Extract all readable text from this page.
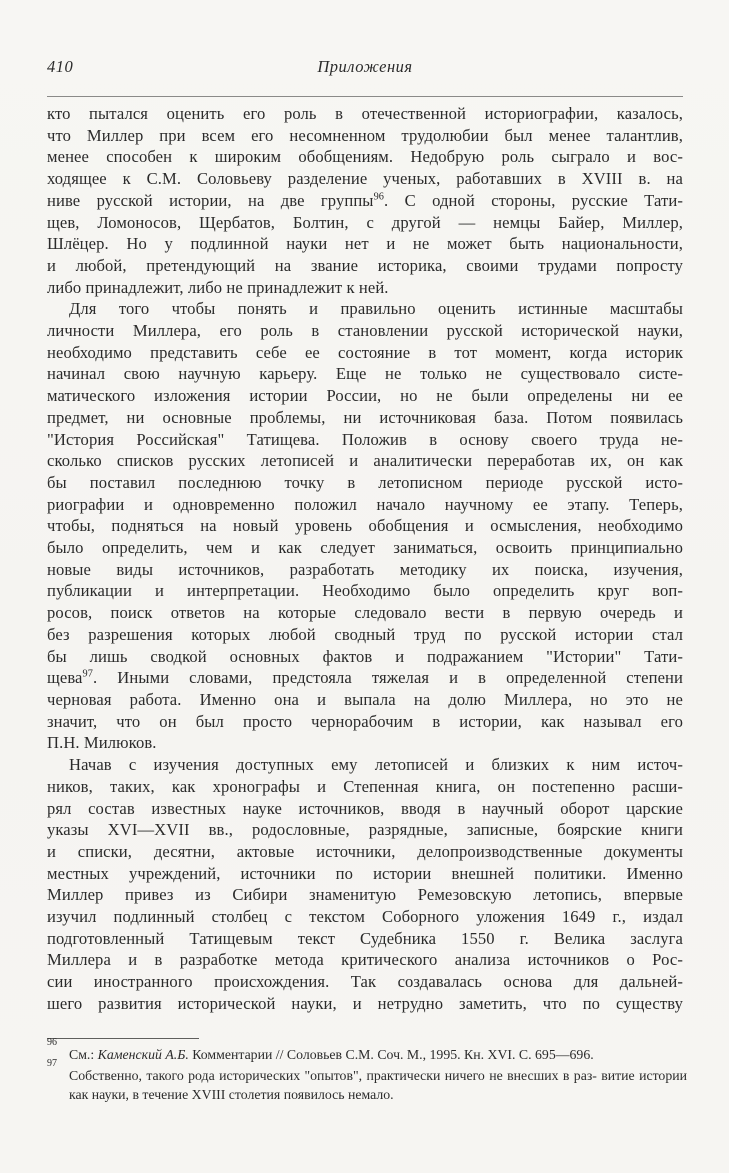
410	Приложения
кто пытался оценить его роль в отечественной историографии, казалось,
что Миллер при всем его несомненном трудолюбии был менее талантлив,
менее способен к широким обобщениям. Недобрую роль сыграло и вос-
ходящее к С.М. Соловьеву разделение ученых, работавших в XVIII в. на
ниве русской истории, на две группы$^{96}$. С одной стороны, русские Тати-
щев, Ломоносов, Щербатов, Болтин, с другой — немцы Байер, Миллер,
Шлёцер. Но у подлинной науки нет и не может быть национальности,
и любой, претендующий на звание историка, своими трудами попросту
либо принадлежит, либо не принадлежит к ней.
Для того чтобы понять и правильно оценить истинные масштабы
личности Миллера, его роль в становлении русской исторической науки,
необходимо представить себе ее состояние в тот момент, когда историк
начинал свою научную карьеру. Еще не только не существовало систе-
матического изложения истории России, но не были определены ни ее
предмет, ни основные проблемы, ни источниковая база. Потом появилась
"История Российская" Татищева. Положив в основу своего труда не-
сколько списков русских летописей и аналитически переработав их, он как
бы поставил последнюю точку в летописном периоде русской исто-
риографии и одновременно положил начало научному ее этапу. Теперь,
чтобы, подняться на новый уровень обобщения и осмысления, необходимо
было определить, чем и как следует заниматься, освоить принципиально
новые виды источников, разработать методику их поиска, изучения,
публикации и интерпретации. Необходимо было определить круг воп-
росов, поиск ответов на которые следовало вести в первую очередь и
без разрешения которых любой сводный труд по русской истории стал
бы лишь сводкой основных фактов и подражанием "Истории" Тати-
щева$^{97}$. Иными словами, предстояла тяжелая и в определенной степени
черновая работа. Именно она и выпала на долю Миллера, но это не
значит, что он был просто чернорабочим в истории, как называл его
П.Н. Милюков.
Начав с изучения доступных ему летописей и близких к ним источ-
ников, таких, как хронографы и Степенная книга, он постепенно расши-
рял состав известных науке источников, вводя в научный оборот царские
указы XVI—XVII вв., родословные, разрядные, записные, боярские книги
и списки, десятни, актовые источники, делопроизводственные документы
местных учреждений, источники по истории внешней политики. Именно
Миллер привез из Сибири знаменитую Ремезовскую летопись, впервые
изучил подлинный столбец с текстом Соборного уложения 1649 г., издал
подготовленный Татищевым текст Судебника 1550 г. Велика заслуга
Миллера и в разработке метода критического анализа источников о Рос-
сии иностранного происхождения. Так создавалась основа для дальней-
шего развития исторической науки, и нетрудно заметить, что по существу
96
См.: Каменский А.Б. Комментарии // Соловьев С.М. Соч. М., 1995. Кн. XVI. С. 695—696.
97
Собственно, такого рода исторических "опытов", практически ничего не внесших в раз- витие истории как науки, в течение XVIII столетия появилось немало.
